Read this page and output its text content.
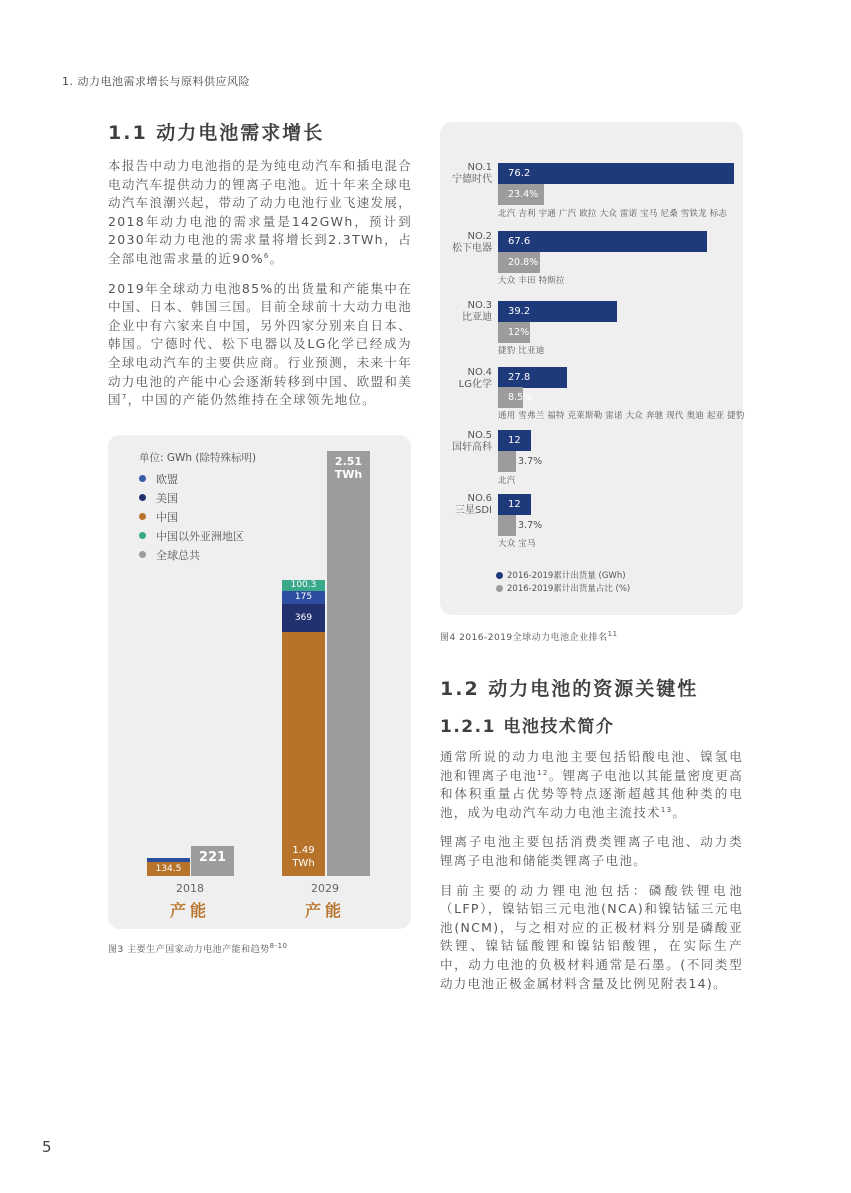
1. 动力电池需求增长与原料供应风险
1.1 动力电池需求增长

本报告中动力电池指的是为纯电动汽车和插电混合电动汽车提供动力的锂离子电池。近十年来全球电动汽车浪潮兴起，带动了动力电池行业飞速发展，2018年动力电池的需求量是142GWh，预计到2030年动力电池的需求量将增长到2.3TWh，占全部电池需求量的近90%$^6$。

2019年全球动力电池85%的出货量和产能集中在中国、日本、韩国三国。目前全球前十大动力电池企业中有六家来自中国，另外四家分别来自日本、韩国。宁德时代、松下电器以及LG化学已经成为全球电动汽车的主要供应商。行业预测，未来十年动力电池的产能中心会逐渐转移到中国、欧盟和美国$^7$，中国的产能仍然维持在全球领先地位。

单位: GWh (除特殊标明)
欧盟
美国
中国
中国以外亚洲地区
全球总共
134.5
221
100.3
175
369
1.49 TWh
2.51 TWh
2018
产能
2029
产能
图3 主要生产国家动力电池产能和趋势$^{8-10}$
NO.1
宁德时代
76.2
23.4%
北汽 吉利 宇通 广汽 欧拉 大众 雷诺 宝马 尼桑 雪铁龙 标志
NO.2
松下电器
67.6
20.8%
大众 丰田 特斯拉
NO.3
比亚迪
39.2
12%
捷豹 比亚迪
NO.4
LG化学
27.8
8.5%
通用 雪弗兰 福特 克莱斯勒 雷诺 大众 奔驰 现代 奥迪 起亚 捷豹
NO.5
国轩高科
12
3.7%
北汽
NO.6
三星SDI
12
3.7%
大众 宝马
2016-2019累计出货量 (GWh)
2016-2019累计出货量占比 (%)
图4 2016-2019全球动力电池企业排名$^{11}$
1.2 动力电池的资源关键性
1.2.1 电池技术简介

通常所说的动力电池主要包括铅酸电池、镍氢电池和锂离子电池$^{12}$。锂离子电池以其能量密度更高和体积重量占优势等特点逐渐超越其他种类的电池，成为电动汽车动力电池主流技术$^{13}$。

锂离子电池主要包括消费类锂离子电池、动力类锂离子电池和储能类锂离子电池。

目前主要的动力锂电池包括：磷酸铁锂电池（LFP），镍钴铝三元电池(NCA)和镍钴锰三元电池(NCM)，与之相对应的正极材料分别是磷酸亚铁锂、镍钴锰酸锂和镍钴铝酸锂，在实际生产中，动力电池的负极材料通常是石墨。(不同类型动力电池正极金属材料含量及比例见附表14)。

5
